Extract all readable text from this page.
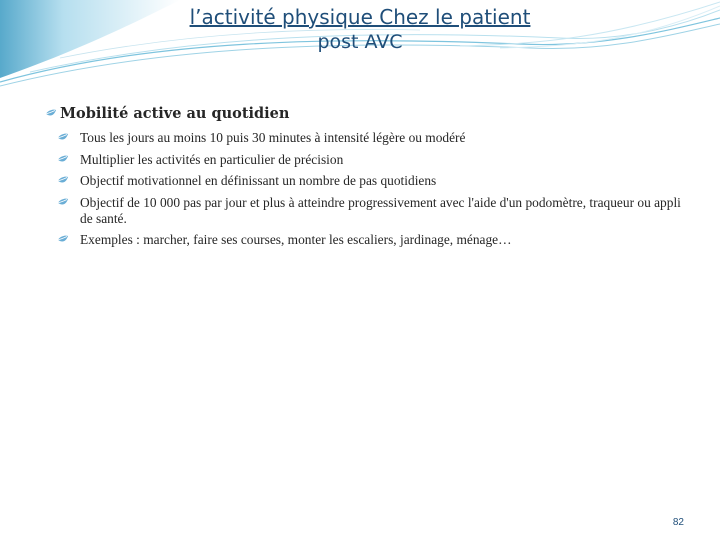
l’activité physique Chez le patient
post AVC
Mobilité active au quotidien
Tous les jours au moins 10 puis 30 minutes à intensité légère ou modéré
Multiplier les activités en particulier de précision
Objectif motivationnel en définissant un nombre de pas quotidiens
Objectif de 10 000 pas par jour et plus à atteindre progressivement avec l'aide d'un podomètre, traqueur ou appli de santé.
Exemples : marcher, faire ses courses, monter les escaliers, jardinage, ménage…
82
